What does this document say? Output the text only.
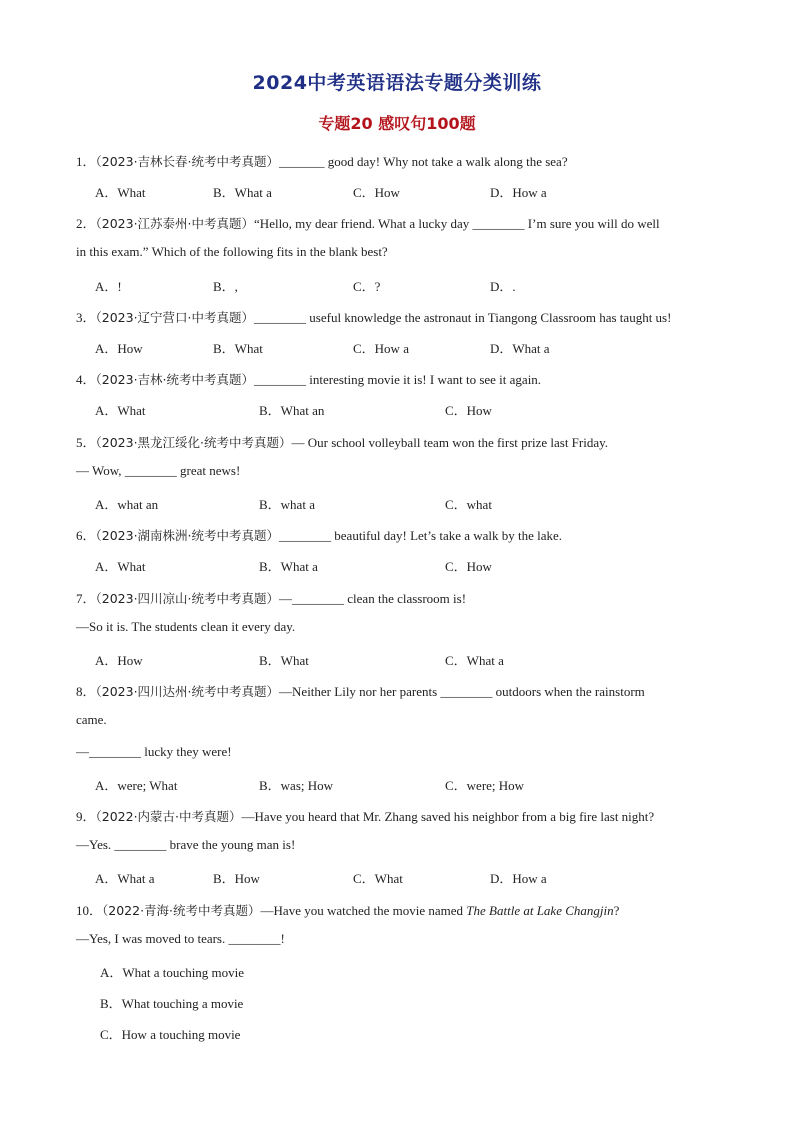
2024中考英语语法专题分类训练
专题20 感叹句100题
1．（2023·吉林长春·统考中考真题）_______ good day! Why not take a walk along the sea?
A．What	B．What a	C．How	D．How a
2．（2023·江苏泰州·中考真题）“Hello, my dear friend. What a lucky day ________ I’m sure you will do well
in this exam.” Which of the following fits in the blank best?
A．!	B．,	C．?	D．.
3．（2023·辽宁营口·中考真题）________ useful knowledge the astronaut in Tiangong Classroom has taught us!
A．How	B．What	C．How a	D．What a
4．（2023·吉林·统考中考真题）________ interesting movie it is! I want to see it again.
A．What	B．What an	C．How
5．（2023·黑龙江绥化·统考中考真题）— Our school volleyball team won the first prize last Friday.
— Wow, ________ great news!
A．what an	B．what a	C．what
6．（2023·湖南株洲·统考中考真题）________ beautiful day! Let’s take a walk by the lake.
A．What	B．What a	C．How
7．（2023·四川凉山·统考中考真题）—________ clean the classroom is!
—So it is. The students clean it every day.
A．How	B．What	C．What a
8．（2023·四川达州·统考中考真题）—Neither Lily nor her parents ________ outdoors when the rainstorm
came.
—________ lucky they were!
A．were; What	B．was; How	C．were; How
9．（2022·内蒙古·中考真题）—Have you heard that Mr. Zhang saved his neighbor from a big fire last night?
—Yes. ________ brave the young man is!
A．What a	B．How	C．What	D．How a
10．（2022·青海·统考中考真题）—Have you watched the movie named The Battle at Lake Changjin?
—Yes, I was moved to tears. ________!
A．What a touching movie
B．What touching a movie
C．How a touching movie
